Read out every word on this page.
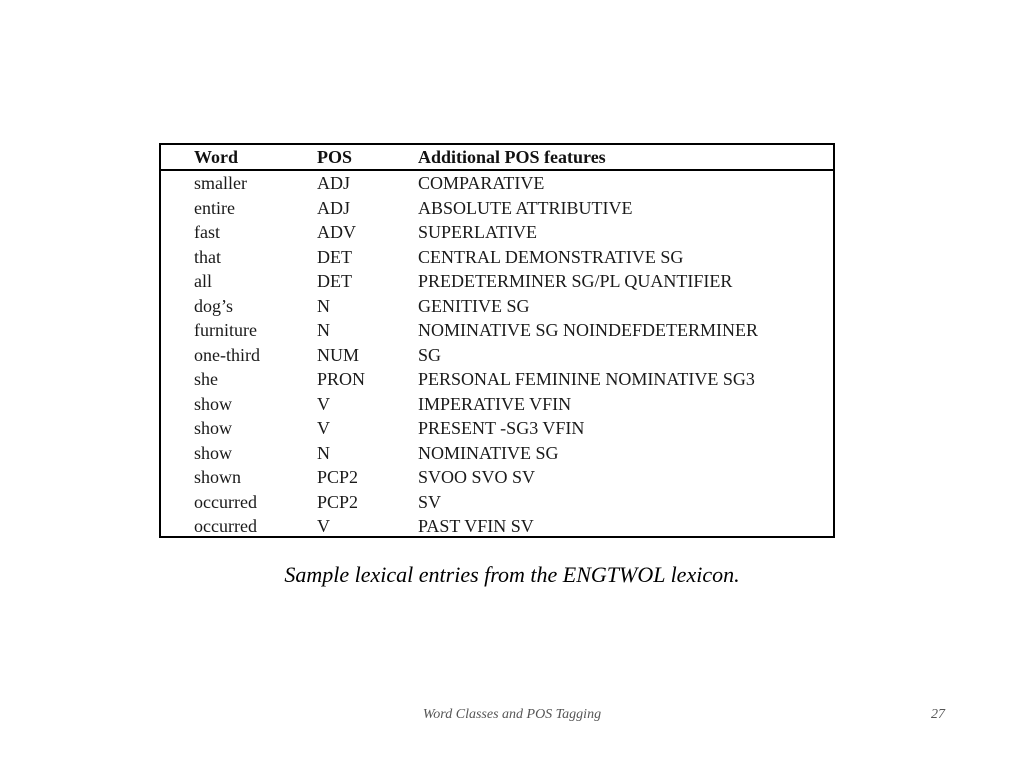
Word	POS	Additional POS features
smaller	ADJ	COMPARATIVE
entire	ADJ	ABSOLUTE ATTRIBUTIVE
fast	ADV	SUPERLATIVE
that	DET	CENTRAL DEMONSTRATIVE SG
all	DET	PREDETERMINER SG/PL QUANTIFIER
dog’s	N	GENITIVE SG
furniture	N	NOMINATIVE SG NOINDEFDETERMINER
one-third	NUM	SG
she	PRON	PERSONAL FEMININE NOMINATIVE SG3
show	V	IMPERATIVE VFIN
show	V	PRESENT -SG3 VFIN
show	N	NOMINATIVE SG
shown	PCP2	SVOO SVO SV
occurred	PCP2	SV
occurred	V	PAST VFIN SV
Sample lexical entries from the ENGTWOL lexicon.
Word Classes and POS Tagging	27
